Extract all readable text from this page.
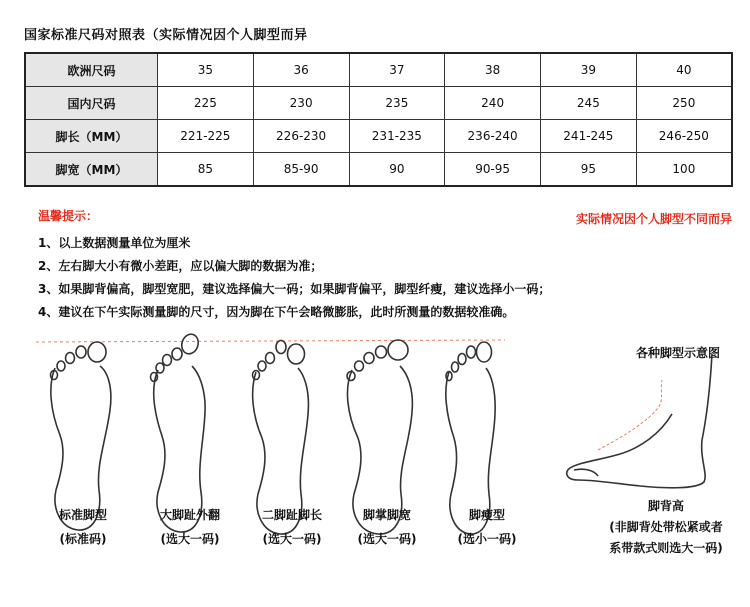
国家标准尺码对照表（实际情况因个人脚型而异
欧洲尺码	35	36	37	38	39	40
国内尺码	225	230	235	240	245	250
脚长（MM）	221-225	226-230	231-235	236-240	241-245	246-250
脚宽（MM）	85	85-90	90	90-95	95	100
温馨提示：	实际情况因个人脚型不同而异
1、以上数据测量单位为厘米
2、左右脚大小有微小差距，应以偏大脚的数据为准；
3、如果脚背偏高，脚型宽肥，建议选择偏大一码；如果脚背偏平，脚型纤瘦，建议选择小一码；
4、建议在下午实际测量脚的尺寸，因为脚在下午会略微膨胀，此时所测量的数据较准确。
标准脚型
(标准码)
大脚趾外翻
(选大一码)
二脚趾脚长
(选大一码)
脚掌脚宽
(选大一码)
脚瘦型
(选小一码)
各种脚型示意图
脚背高
(非脚背处带松紧或者
系带款式则选大一码)
